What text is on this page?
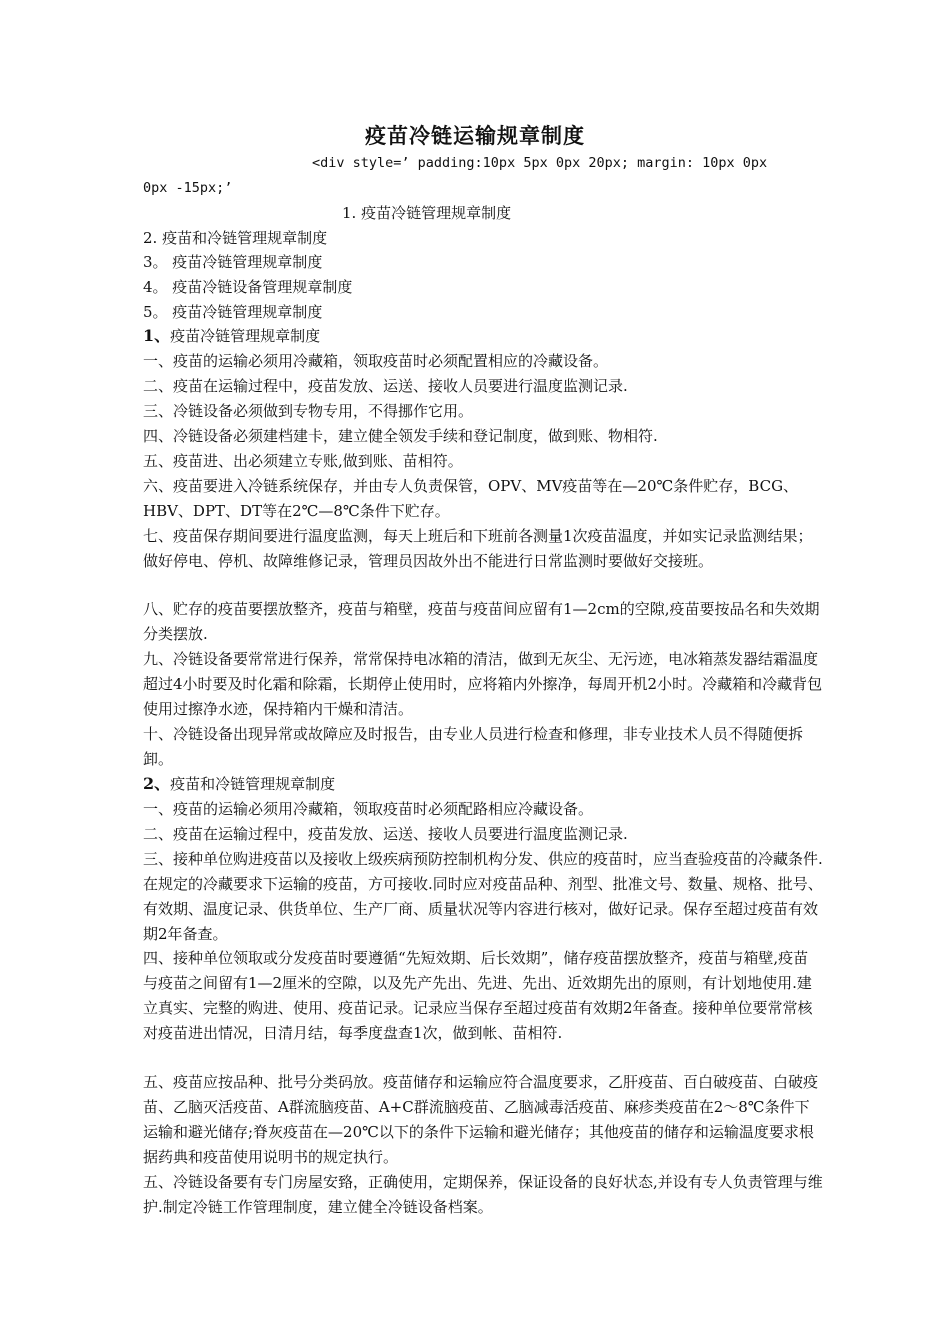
疫苗冷链运输规章制度
<div style=’ padding:10px 5px 0px 20px; margin: 10px 0px
0px -15px;’
1. 疫苗冷链管理规章制度
2. 疫苗和冷链管理规章制度
3。 疫苗冷链管理规章制度
4。 疫苗冷链设备管理规章制度
5。 疫苗冷链管理规章制度
1、疫苗冷链管理规章制度
一、疫苗的运输必须用冷藏箱，领取疫苗时必须配置相应的冷藏设备。
二、疫苗在运输过程中，疫苗发放、运送、接收人员要进行温度监测记录.
三、冷链设备必须做到专物专用，不得挪作它用。
四、冷链设备必须建档建卡，建立健全领发手续和登记制度，做到账、物相符.
五、疫苗进、出必须建立专账,做到账、苗相符。
六、疫苗要进入冷链系统保存，并由专人负责保管，OPV、MV疫苗等在—20℃条件贮存，BCG、HBV、DPT、DT等在2℃—8℃条件下贮存。
七、疫苗保存期间要进行温度监测，每天上班后和下班前各测量1次疫苗温度，并如实记录监测结果；做好停电、停机、故障维修记录，管理员因故外出不能进行日常监测时要做好交接班。
八、贮存的疫苗要摆放整齐，疫苗与箱壁，疫苗与疫苗间应留有1—2cm的空隙,疫苗要按品名和失效期分类摆放.
九、冷链设备要常常进行保养，常常保持电冰箱的清洁，做到无灰尘、无污迹，电冰箱蒸发器结霜温度超过4小时要及时化霜和除霜，长期停止使用时，应将箱内外擦净，每周开机2小时。冷藏箱和冷藏背包使用过擦净水迹，保持箱内干燥和清洁。
十、冷链设备出现异常或故障应及时报告，由专业人员进行检查和修理，非专业技术人员不得随便拆卸。
2、疫苗和冷链管理规章制度
一、疫苗的运输必须用冷藏箱，领取疫苗时必须配路相应冷藏设备。
二、疫苗在运输过程中，疫苗发放、运送、接收人员要进行温度监测记录.
三、接种单位购进疫苗以及接收上级疾病预防控制机构分发、供应的疫苗时，应当查验疫苗的冷藏条件.在规定的冷藏要求下运输的疫苗，方可接收.同时应对疫苗品种、剂型、批准文号、数量、规格、批号、有效期、温度记录、供货单位、生产厂商、质量状况等内容进行核对，做好记录。保存至超过疫苗有效期2年备查。
四、接种单位领取或分发疫苗时要遵循“先短效期、后长效期”，储存疫苗摆放整齐，疫苗与箱壁,疫苗与疫苗之间留有1—2厘米的空隙，以及先产先出、先进、先出、近效期先出的原则，有计划地使用.建立真实、完整的购进、使用、疫苗记录。记录应当保存至超过疫苗有效期2年备查。接种单位要常常核对疫苗进出情况，日清月结，每季度盘查1次，做到帐、苗相符.
五、疫苗应按品种、批号分类码放。疫苗储存和运输应符合温度要求，乙肝疫苗、百白破疫苗、白破疫苗、乙脑灭活疫苗、A群流脑疫苗、A+C群流脑疫苗、乙脑减毒活疫苗、麻疹类疫苗在2～8℃条件下运输和避光储存;脊灰疫苗在—20℃以下的条件下运输和避光储存；其他疫苗的储存和运输温度要求根据药典和疫苗使用说明书的规定执行。
五、冷链设备要有专门房屋安臵，正确使用，定期保养，保证设备的良好状态,并设有专人负责管理与维护.制定冷链工作管理制度，建立健全冷链设备档案。
